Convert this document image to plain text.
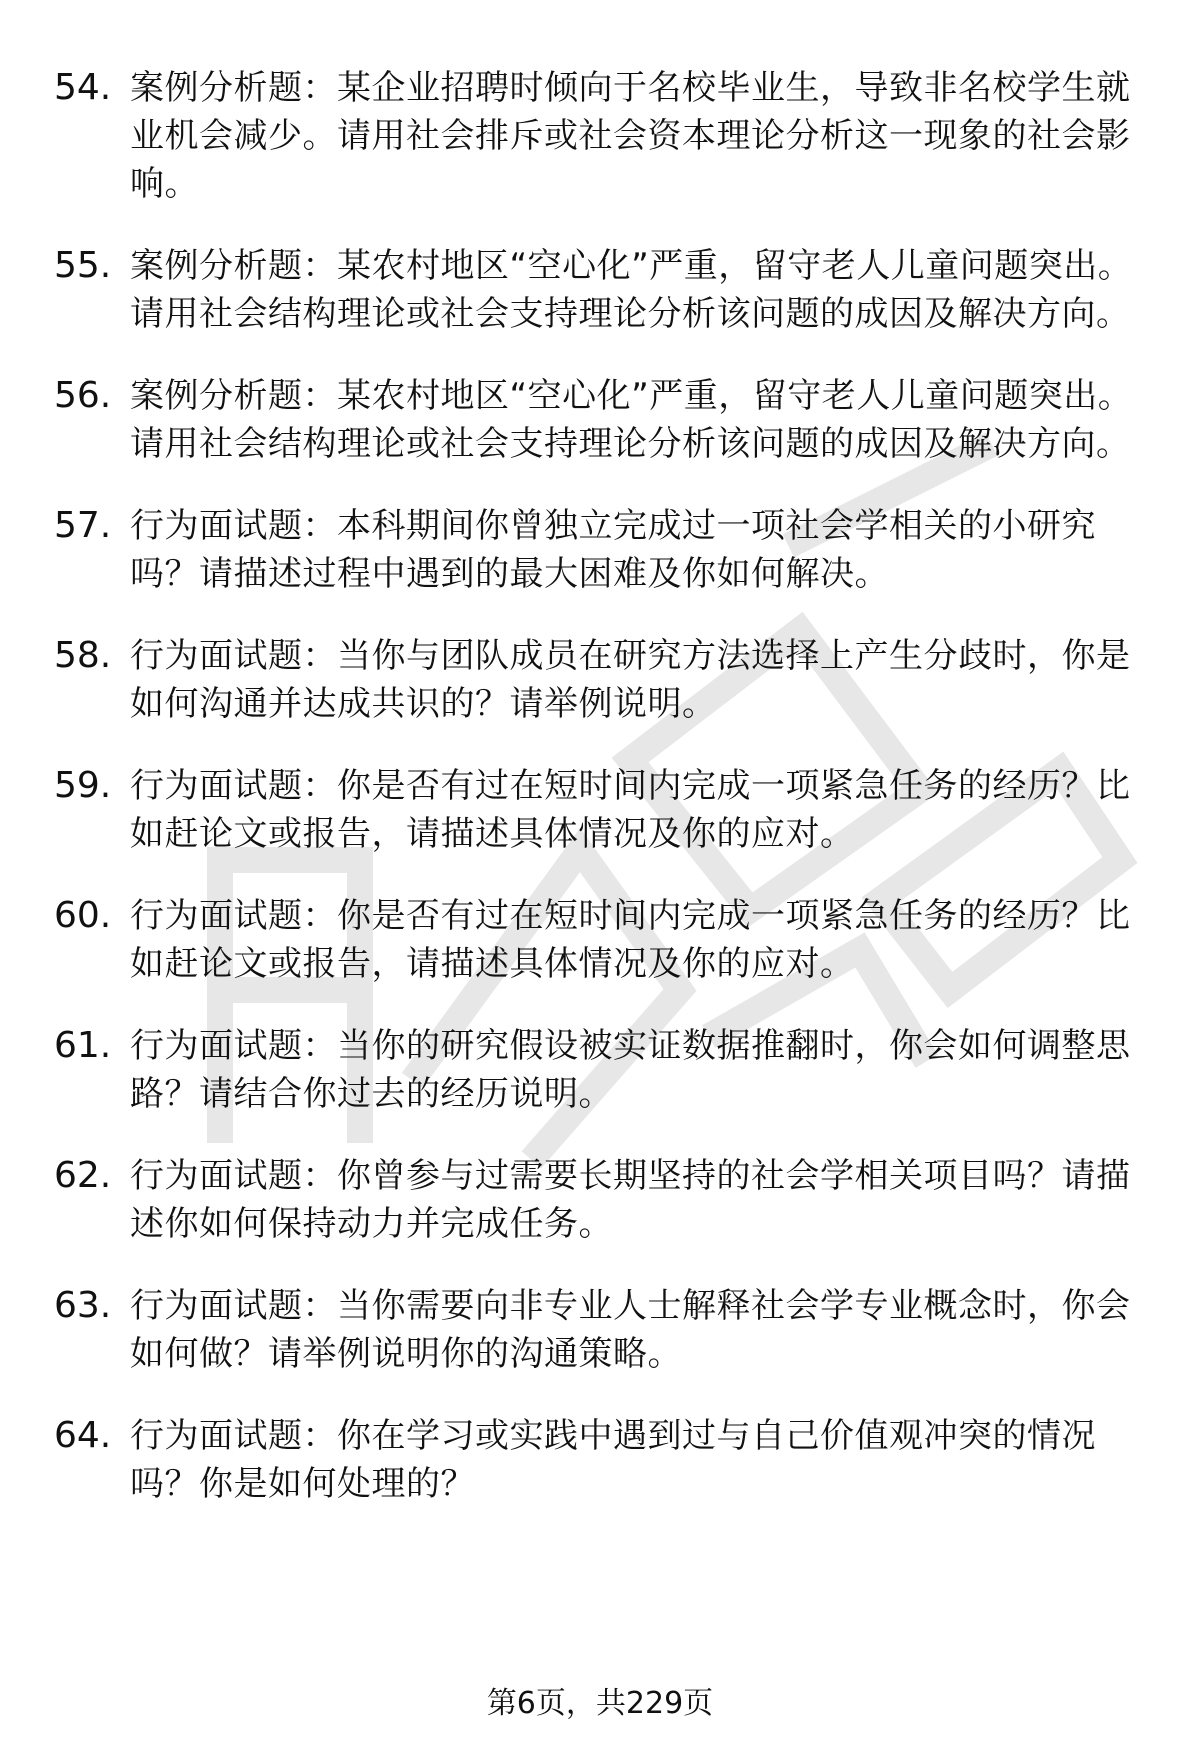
54. 案例分析题：某企业招聘时倾向于名校毕业生，导致非名校学生就业机会减少。请用社会排斥或社会资本理论分析这一现象的社会影响。
55. 案例分析题：某农村地区“空心化”严重，留守老人儿童问题突出。请用社会结构理论或社会支持理论分析该问题的成因及解决方向。
56. 案例分析题：某农村地区“空心化”严重，留守老人儿童问题突出。请用社会结构理论或社会支持理论分析该问题的成因及解决方向。
57. 行为面试题：本科期间你曾独立完成过一项社会学相关的小研究吗？请描述过程中遇到的最大困难及你如何解决。
58. 行为面试题：当你与团队成员在研究方法选择上产生分歧时，你是如何沟通并达成共识的？请举例说明。
59. 行为面试题：你是否有过在短时间内完成一项紧急任务的经历？比如赶论文或报告，请描述具体情况及你的应对。
60. 行为面试题：你是否有过在短时间内完成一项紧急任务的经历？比如赶论文或报告，请描述具体情况及你的应对。
61. 行为面试题：当你的研究假设被实证数据推翻时，你会如何调整思路？请结合你过去的经历说明。
62. 行为面试题：你曾参与过需要长期坚持的社会学相关项目吗？请描述你如何保持动力并完成任务。
63. 行为面试题：当你需要向非专业人士解释社会学专业概念时，你会如何做？请举例说明你的沟通策略。
64. 行为面试题：你在学习或实践中遇到过与自己价值观冲突的情况吗？你是如何处理的？
第6页，共229页
